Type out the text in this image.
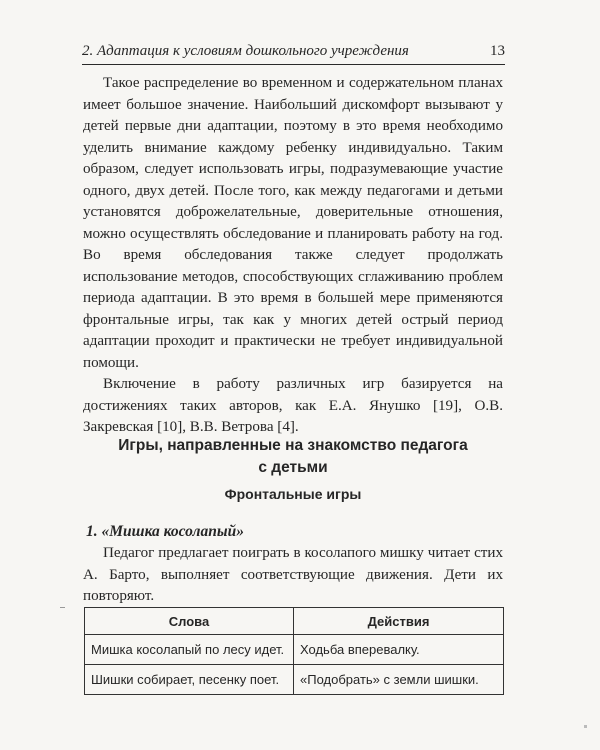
2. Адаптация к условиям дошкольного учреждения	13

Такое распределение во временном и содержательном планах имеет большое значение. Наибольший дискомфорт вызывают у детей первые дни адаптации, поэтому в это время необходимо уделить внимание каждому ребенку индивидуально. Таким образом, следует использовать игры, подразумевающие участие одного, двух детей. После того, как между педагогами и детьми установятся доброжелательные, доверительные отношения, можно осуществлять обследование и планировать работу на год. Во время обследования также следует продолжать использование методов, способствующих сглаживанию проблем периода адаптации. В это время в большей мере применяются фронтальные игры, так как у многих детей острый период адаптации проходит и практически не требует индивидуальной помощи.

Включение в работу различных игр базируется на достижениях таких авторов, как Е.А. Янушко [19], О.В. Закревская [10], В.В. Ветрова [4].

Игры, направленные на знакомство педагога
с детьми
Фронтальные игры
1. «Мишка косолапый»

Педагог предлагает поиграть в косолапого мишку читает стих А. Барто, выполняет соответствующие движения. Дети их повторяют.

Слова	Действия
Мишка косолапый по лесу идет.	Ходьба вперевалку.
Шишки собирает, песенку поет.	«Подобрать» с земли шишки.
